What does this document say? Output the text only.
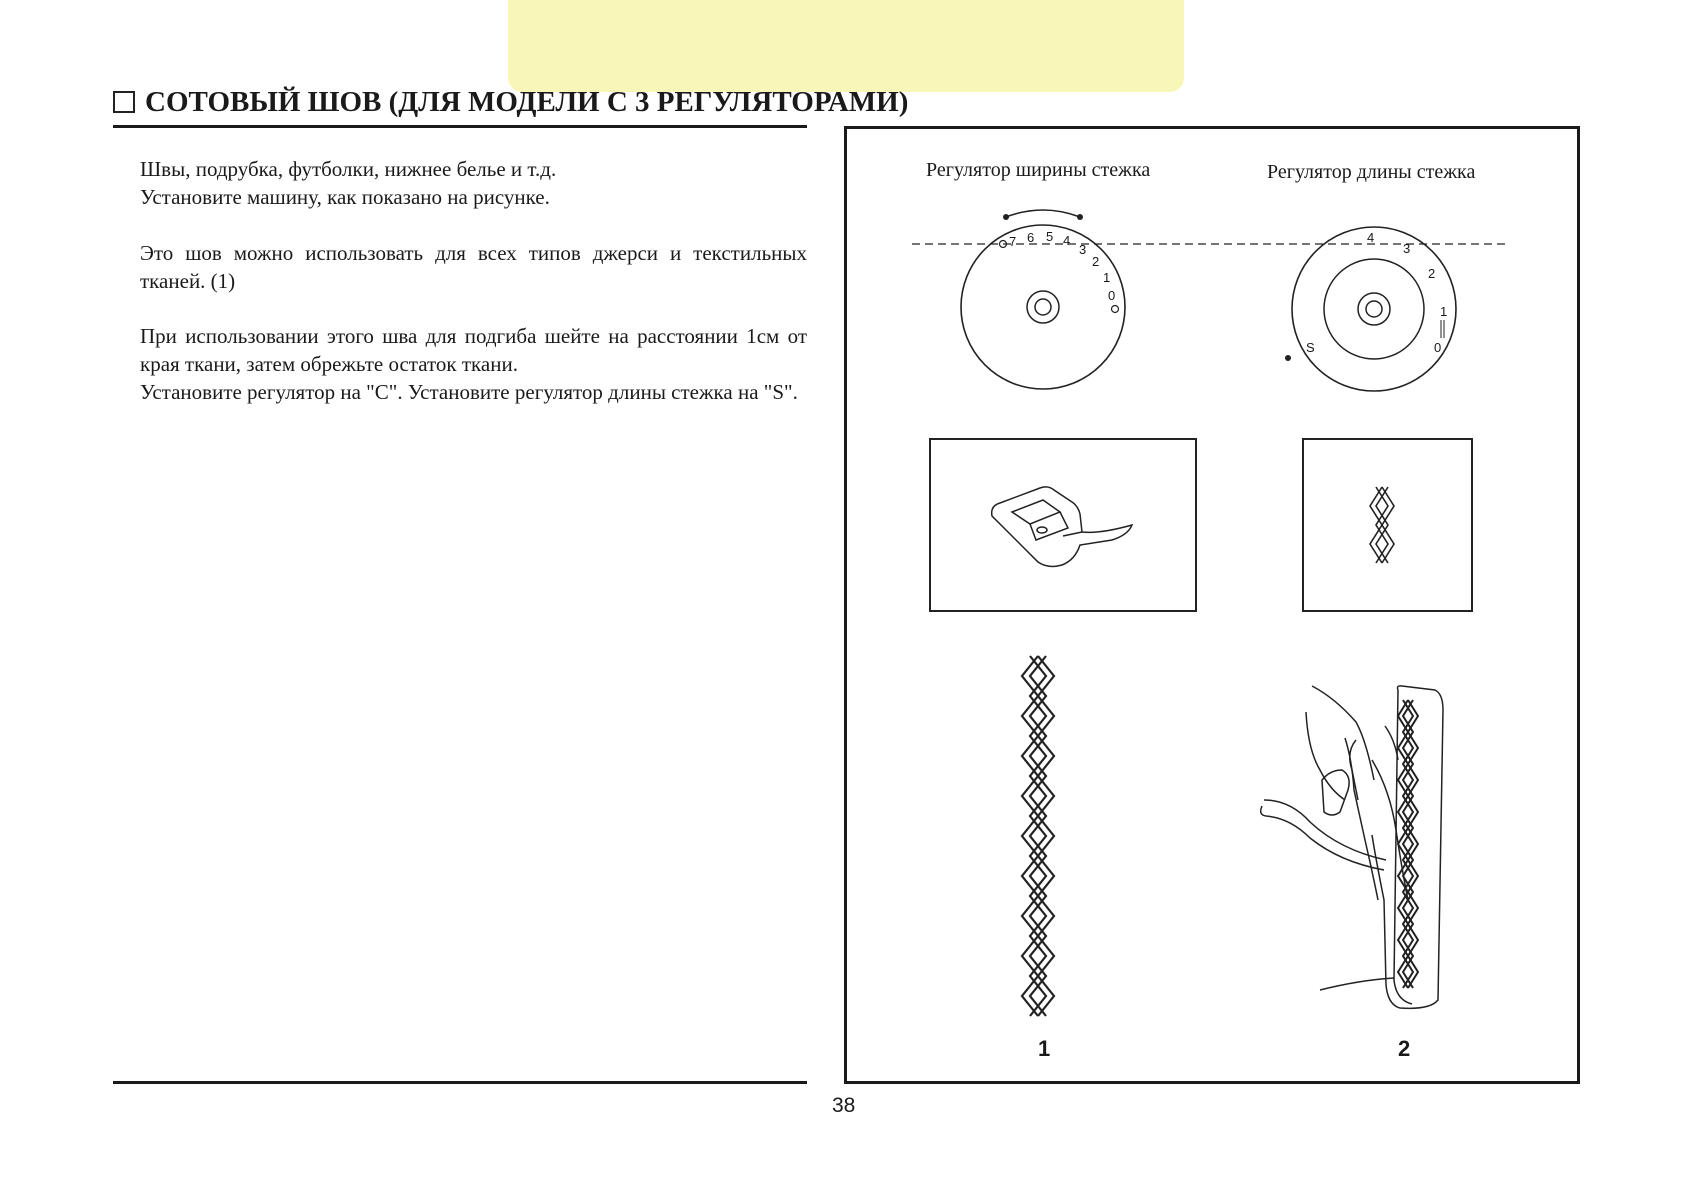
СОТОВЫЙ ШОВ (ДЛЯ МОДЕЛИ С 3 РЕГУЛЯТОРАМИ)

Швы, подрубка, футболки, нижнее белье и т.д.

Установите машину, как показано на рисунке.

Это шов можно использовать для всех типов джерси и текстильных тканей. (1)

При использовании этого шва для подгиба шейте на расстоянии 1см от края ткани, затем обрежьте остаток ткани.

Установите регулятор на "С". Установите регулятор длины стежка на "S".

Регулятор ширины стежка	Регулятор длины стежка
7 6 5 4
3
2
1
0
4
3
2
1
0
S
1	2
38
